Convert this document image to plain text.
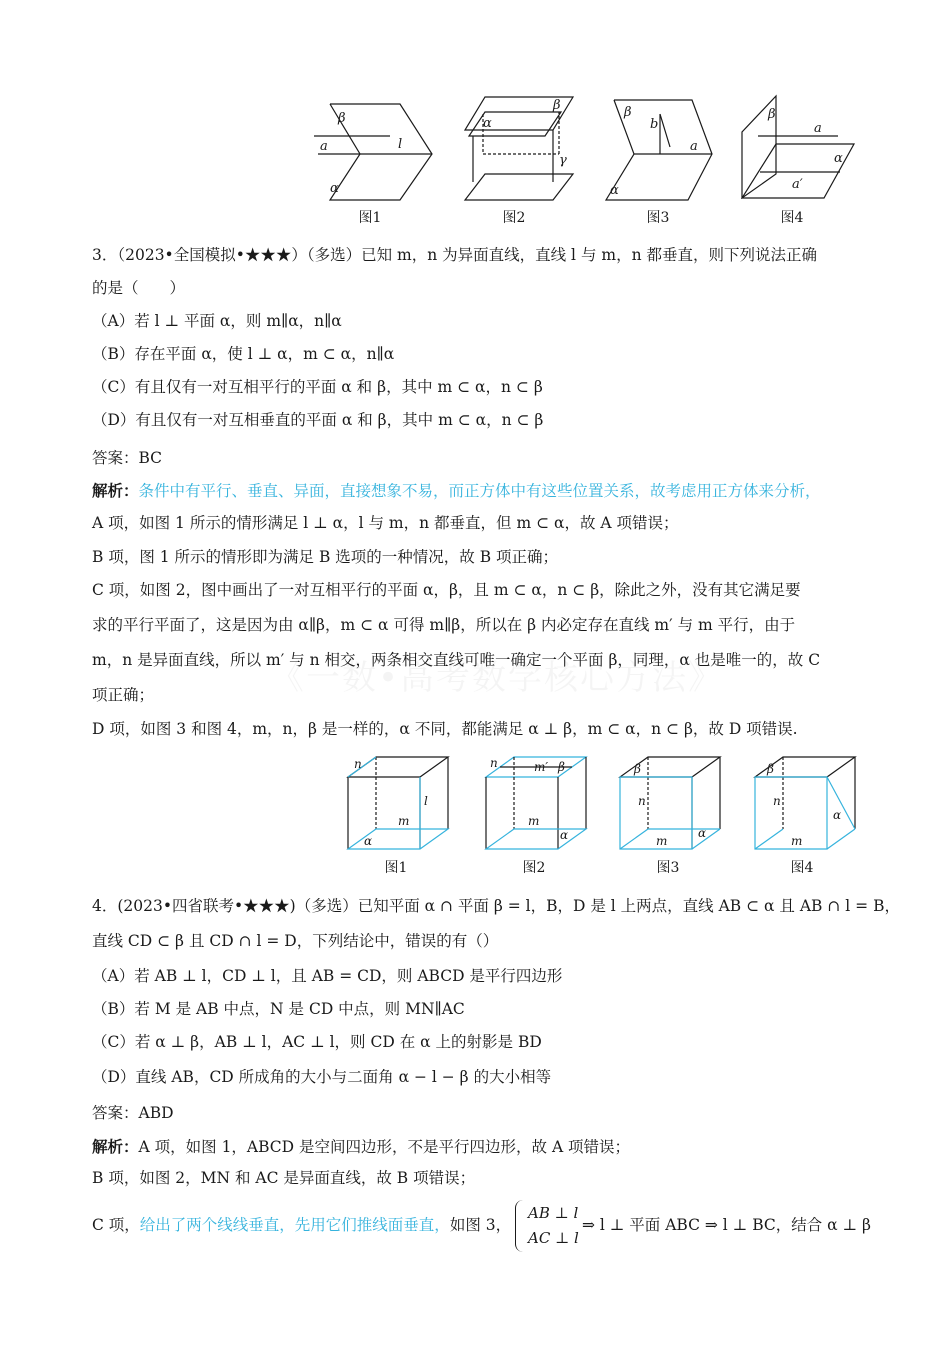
β
a	l
α
α
β
γ
β
b
a
α
β
a
α
a′
图1	图2	图3	图4
3．（2023•全国模拟•★★★）（多选）已知 m，n 为异面直线，直线 l 与 m，n 都垂直，则下列说法正确
的是（　　）
（A）若 l ⊥ 平面 α，则 m∥α，n∥α
（B）存在平面 α，使 l ⊥ α，m ⊂ α，n∥α
（C）有且仅有一对互相平行的平面 α 和 β，其中 m ⊂ α，n ⊂ β
（D）有且仅有一对互相垂直的平面 α 和 β，其中 m ⊂ α，n ⊂ β
答案：BC
解析：条件中有平行、垂直、异面，直接想象不易，而正方体中有这些位置关系，故考虑用正方体来分析，
A 项，如图 1 所示的情形满足 l ⊥ α，l 与 m，n 都垂直，但 m ⊂ α，故 A 项错误；
B 项，图 1 所示的情形即为满足 B 选项的一种情况，故 B 项正确；
C 项，如图 2，图中画出了一对互相平行的平面 α，β，且 m ⊂ α，n ⊂ β，除此之外，没有其它满足要
求的平行平面了，这是因为由 α∥β，m ⊂ α 可得 m∥β，所以在 β 内必定存在直线 m′ 与 m 平行，由于
m，n 是异面直线，所以 m′ 与 n 相交，两条相交直线可唯一确定一个平面 β，同理，α 也是唯一的，故 C
项正确；
D 项，如图 3 和图 4，m，n，β 是一样的，α 不同，都能满足 α ⊥ β，m ⊂ α，n ⊂ β，故 D 项错误.
n
l
m
α
n	m′ β
m
α
β
n
m
α
β
n
α
m
图1	图2	图3	图4
4．(2023•四省联考•★★★)（多选）已知平面 α ∩ 平面 β = l，B，D 是 l 上两点，直线 AB ⊂ α 且 AB ∩ l = B，
直线 CD ⊂ β 且 CD ∩ l = D，下列结论中，错误的有（）
（A）若 AB ⊥ l，CD ⊥ l，且 AB = CD，则 ABCD 是平行四边形
（B）若 M 是 AB 中点，N 是 CD 中点，则 MN∥AC
（C）若 α ⊥ β，AB ⊥ l，AC ⊥ l，则 CD 在 α 上的射影是 BD
（D）直线 AB，CD 所成角的大小与二面角 α − l − β 的大小相等
答案：ABD
解析：A 项，如图 1，ABCD 是空间四边形，不是平行四边形，故 A 项错误；
B 项，如图 2，MN 和 AC 是异面直线，故 B 项错误；
C 项，给出了两个线线垂直，先用它们推线面垂直，如图 3，
AB ⊥ l
AC ⊥ l
⇒ l ⊥ 平面 ABC ⇒ l ⊥ BC，结合 α ⊥ β
